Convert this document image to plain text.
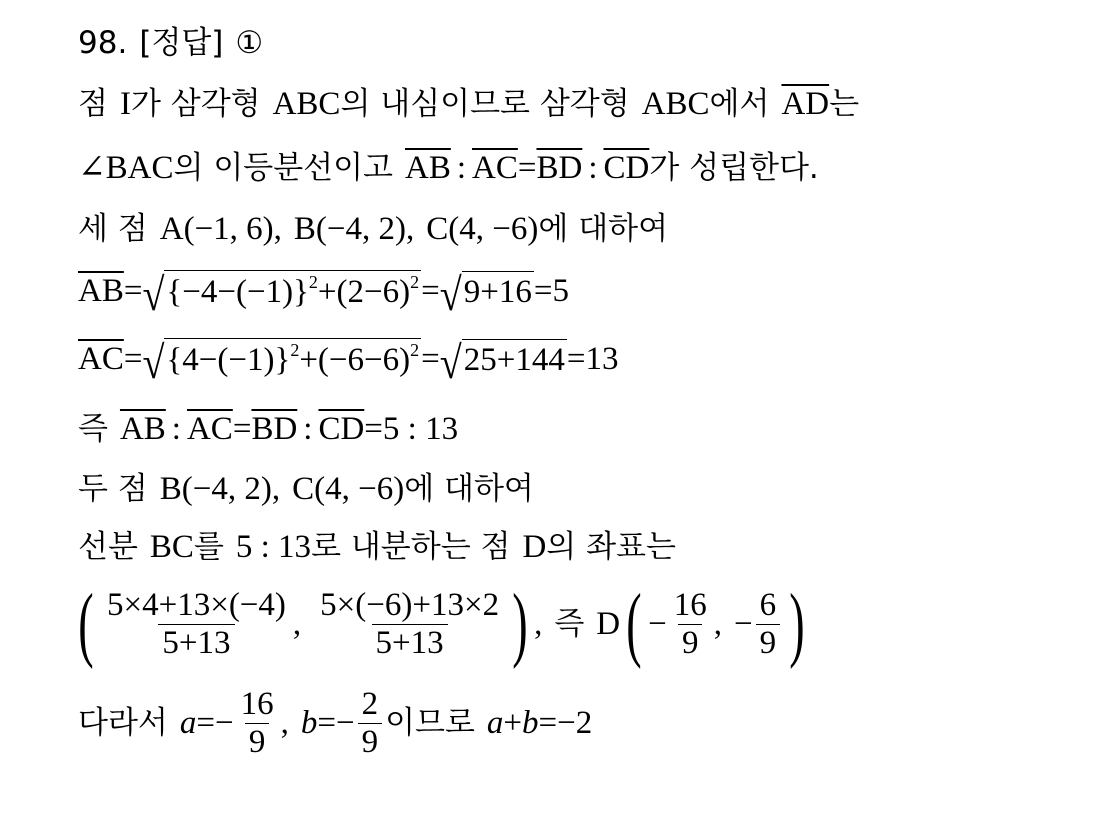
98. [정답] ①
점 I 가 삼각형 ABC 의 내심이므로 삼각형 ABC 에서 $\overline{AD}$ 는
∠BAC 의 이등분선이고 $\overline{AB}$ : $\overline{AC} = \overline{BD}$ : $\overline{CD}$ 가 성립한다.
세 점 A(−1, 6), B(−4, 2), C(4, −6) 에 대하여
$\overline{AB}$ = √ $\{-4-(-1)\}^2+(2-6)^2$ = √ 9+16 =5
$\overline{AC}$ = √ $\{4-(-1)\}^2+(-6-6)^2$ = √ 25+144 =13
즉 $\overline{AB}$ : $\overline{AC} = \overline{BD}$ : $\overline{CD} =5$ : 13
두 점 B(−4, 2), C(4, −6) 에 대하여
선분 BC 를 5 : 13 로 내분하는 점 D 의 좌표는
( $\frac{5\times 4+13\times(-4)}{5+13}$ , $\frac{5\times(-6)+13\times 2}{5+13}$ ) , 즉 D ( − $\frac{16}{9}$ , − $\frac{6}{9}$ )
다라서 $a =- \frac{16}{9}$ , $b =- \frac{2}{9}$ 이므로 a + b =−2
